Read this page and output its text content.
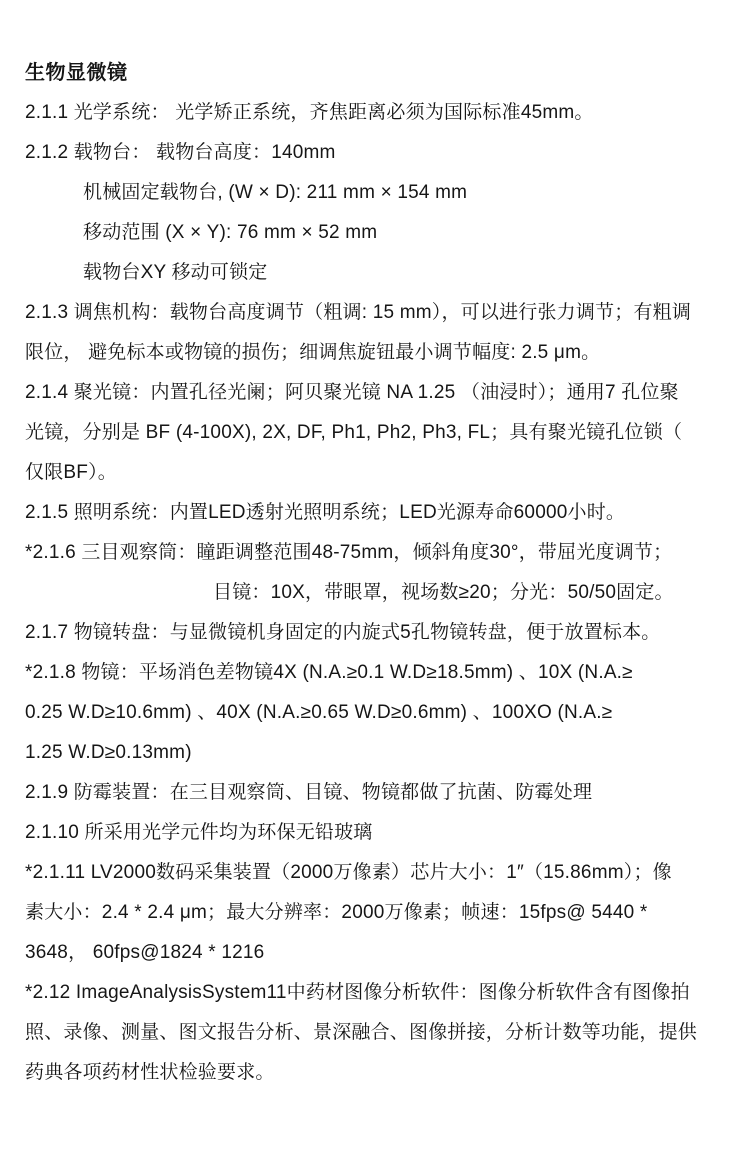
生物显微镜
2.1.1 光学系统： 光学矫正系统，齐焦距离必须为国际标准45mm。
2.1.2 载物台： 载物台高度：140mm
机械固定载物台, (W × D): 211 mm × 154 mm
移动范围 (X × Y): 76 mm × 52 mm
载物台XY 移动可锁定
2.1.3 调焦机构：载物台高度调节（粗调: 15 mm），可以进行张力调节；有粗调
限位， 避免标本或物镜的损伤；细调焦旋钮最小调节幅度: 2.5 μm。
2.1.4 聚光镜：内置孔径光阑；阿贝聚光镜 NA 1.25 （油浸时）；通用7 孔位聚
光镜，分别是 BF (4-100X), 2X, DF, Ph1, Ph2, Ph3, FL；具有聚光镜孔位锁（
仅限BF）。
2.1.5 照明系统：内置LED透射光照明系统；LED光源寿命60000小时。
*2.1.6 三目观察筒：瞳距调整范围48-75mm，倾斜角度30°，带屈光度调节；
目镜：10X，带眼罩，视场数≥20；分光：50/50固定。
2.1.7 物镜转盘：与显微镜机身固定的内旋式5孔物镜转盘，便于放置标本。
*2.1.8 物镜：平场消色差物镜4X (N.A.≥0.1 W.D≥18.5mm) 、10X (N.A.≥
0.25 W.D≥10.6mm) 、40X (N.A.≥0.65 W.D≥0.6mm) 、100XO (N.A.≥
1.25 W.D≥0.13mm)
2.1.9 防霉装置：在三目观察筒、目镜、物镜都做了抗菌、防霉处理
2.1.10 所采用光学元件均为环保无铅玻璃
*2.1.11 LV2000数码采集装置（2000万像素）芯片大小：1″（15.86mm）；像
素大小：2.4 * 2.4 μm；最大分辨率：2000万像素；帧速：15fps@ 5440 *
3648， 60fps@1824 * 1216
*2.12 ImageAnalysisSystem11中药材图像分析软件：图像分析软件含有图像拍
照、录像、测量、图文报告分析、景深融合、图像拼接，分析计数等功能，提供
药典各项药材性状检验要求。
